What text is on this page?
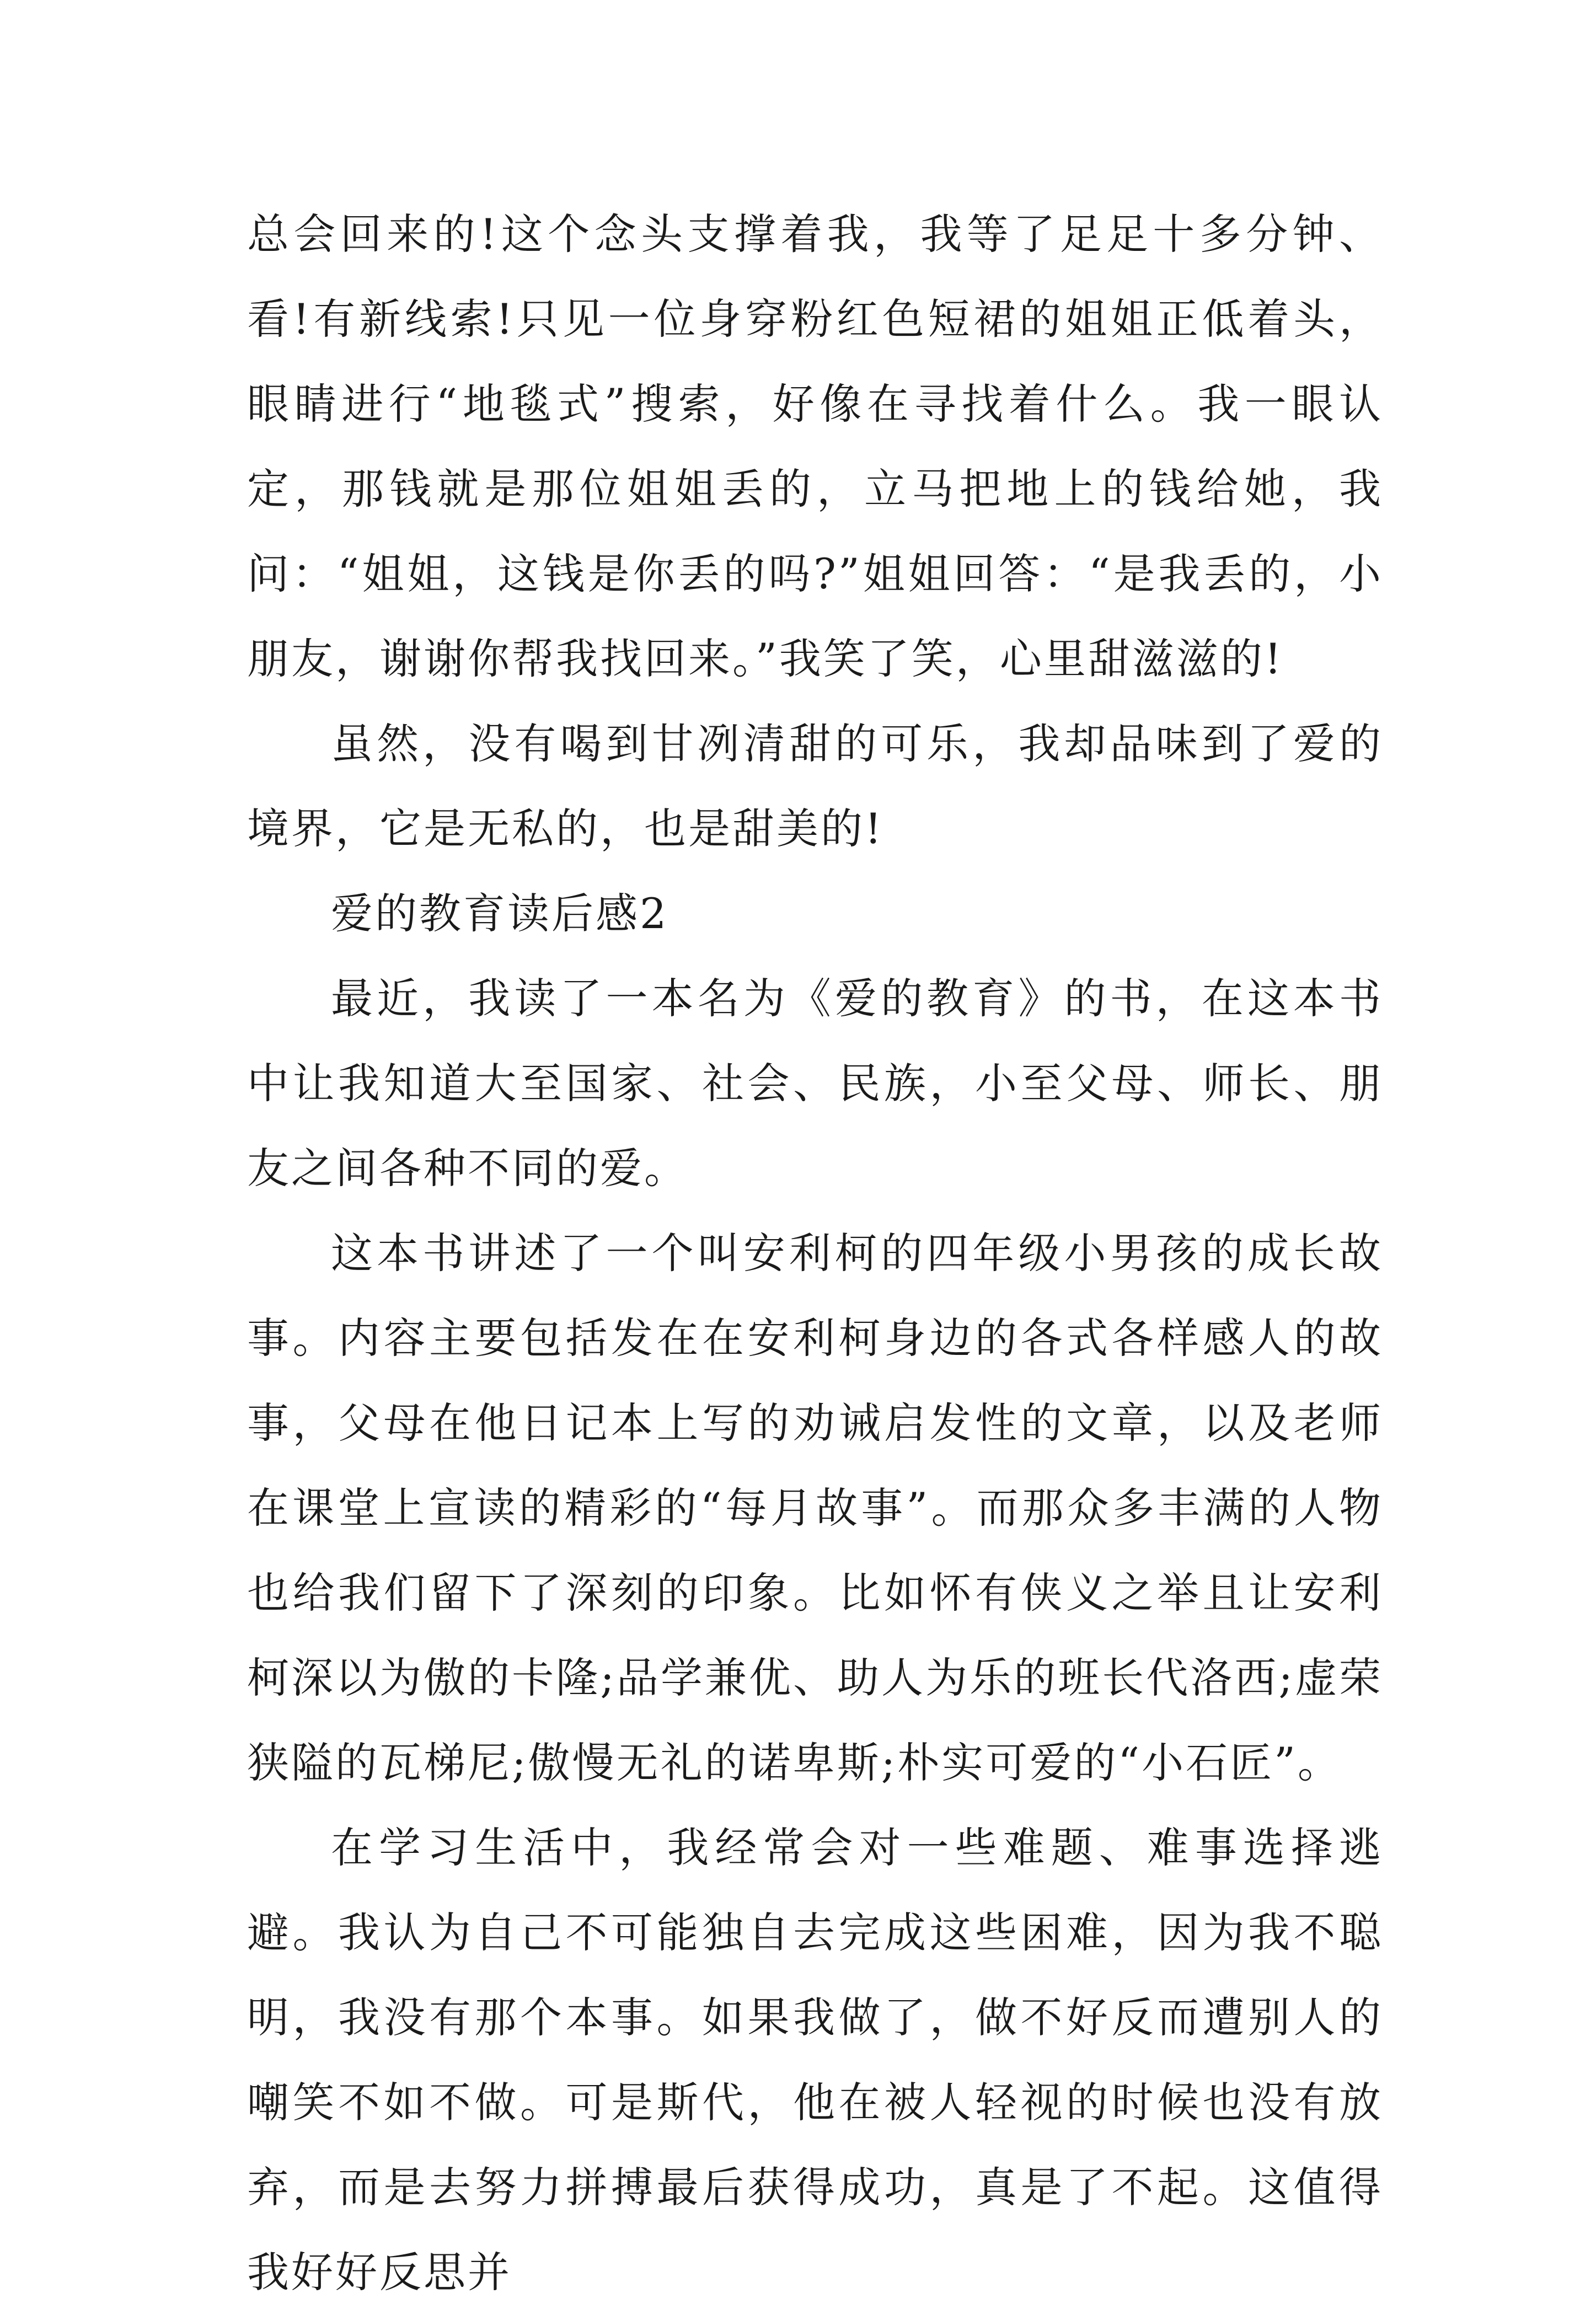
总会回来的!这个念头支撑着我，我等了足足十多分钟、看!有新线索!只见一位身穿粉红色短裙的姐姐正低着头，眼睛进行“地毯式”搜索，好像在寻找着什么。我一眼认定，那钱就是那位姐姐丢的，立马把地上的钱给她，我问：“姐姐，这钱是你丢的吗?”姐姐回答：“是我丢的，小朋友，谢谢你帮我找回来。”我笑了笑，心里甜滋滋的!

虽然，没有喝到甘冽清甜的可乐，我却品味到了爱的境界，它是无私的，也是甜美的!

爱的教育读后感2

最近，我读了一本名为《爱的教育》的书，在这本书中让我知道大至国家、社会、民族，小至父母、师长、朋友之间各种不同的爱。

这本书讲述了一个叫安利柯的四年级小男孩的成长故事。内容主要包括发在在安利柯身边的各式各样感人的故事，父母在他日记本上写的劝诫启发性的文章，以及老师在课堂上宣读的精彩的“每月故事”。而那众多丰满的人物也给我们留下了深刻的印象。比如怀有侠义之举且让安利柯深以为傲的卡隆;品学兼优、助人为乐的班长代洛西;虚荣狭隘的瓦梯尼;傲慢无礼的诺卑斯;朴实可爱的“小石匠”。

在学习生活中，我经常会对一些难题、难事选择逃避。我认为自己不可能独自去完成这些困难，因为我不聪明，我没有那个本事。如果我做了，做不好反而遭别人的嘲笑不如不做。可是斯代，他在被人轻视的时候也没有放弃，而是去努力拼搏最后获得成功，真是了不起。这值得我好好反思并
